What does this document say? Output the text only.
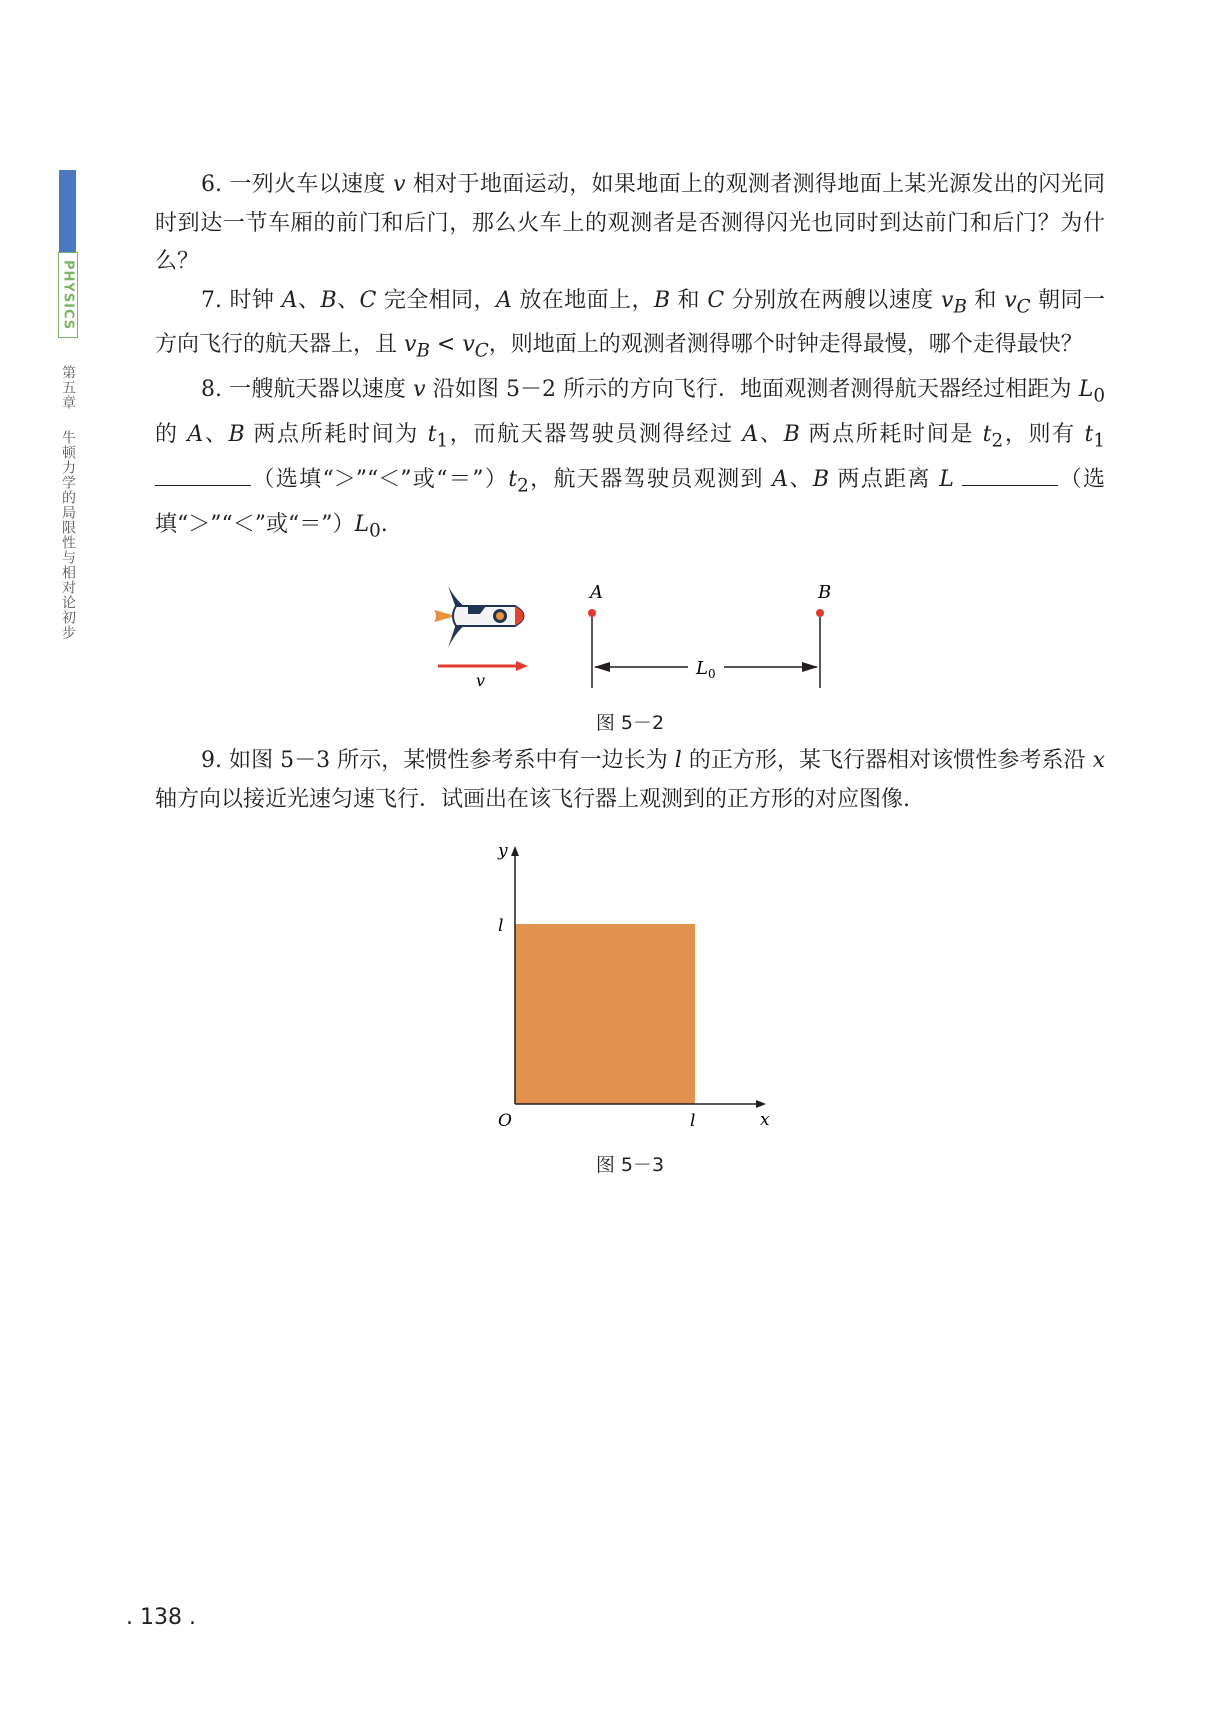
PHYSICS
第五章
牛顿力学的局限性与相对论初步

6. 一列火车以速度 v 相对于地面运动，如果地面上的观测者测得地面上某光源发出的闪光同时到达一节车厢的前门和后门，那么火车上的观测者是否测得闪光也同时到达前门和后门？为什么？

7. 时钟 A、B、C 完全相同，A 放在地面上，B 和 C 分别放在两艘以速度 $v_B$ 和 $v_C$ 朝同一方向飞行的航天器上，且 $v_B < v_C$，则地面上的观测者测得哪个时钟走得最慢，哪个走得最快？

8. 一艘航天器以速度 v 沿如图 5－2 所示的方向飞行．地面观测者测得航天器经过相距为 $L_0$ 的 A、B 两点所耗时间为 $t_1$，而航天器驾驶员测得经过 A、B 两点所耗时间是 $t_2$，则有 $t_1$ （选填“＞”“＜”或“$=”)t_2$，航天器驾驶员观测到 A、B 两点距离 L	（选填“＞”“＜”或“$=”)L_0$.

v
A	B
$L_0$
图 5－2

9. 如图 5－3 所示，某惯性参考系中有一边长为 l 的正方形，某飞行器相对该惯性参考系沿 x 轴方向以接近光速匀速飞行．试画出在该飞行器上观测到的正方形的对应图像.

y
x
O
l
l
图 5－3
. 138 .
